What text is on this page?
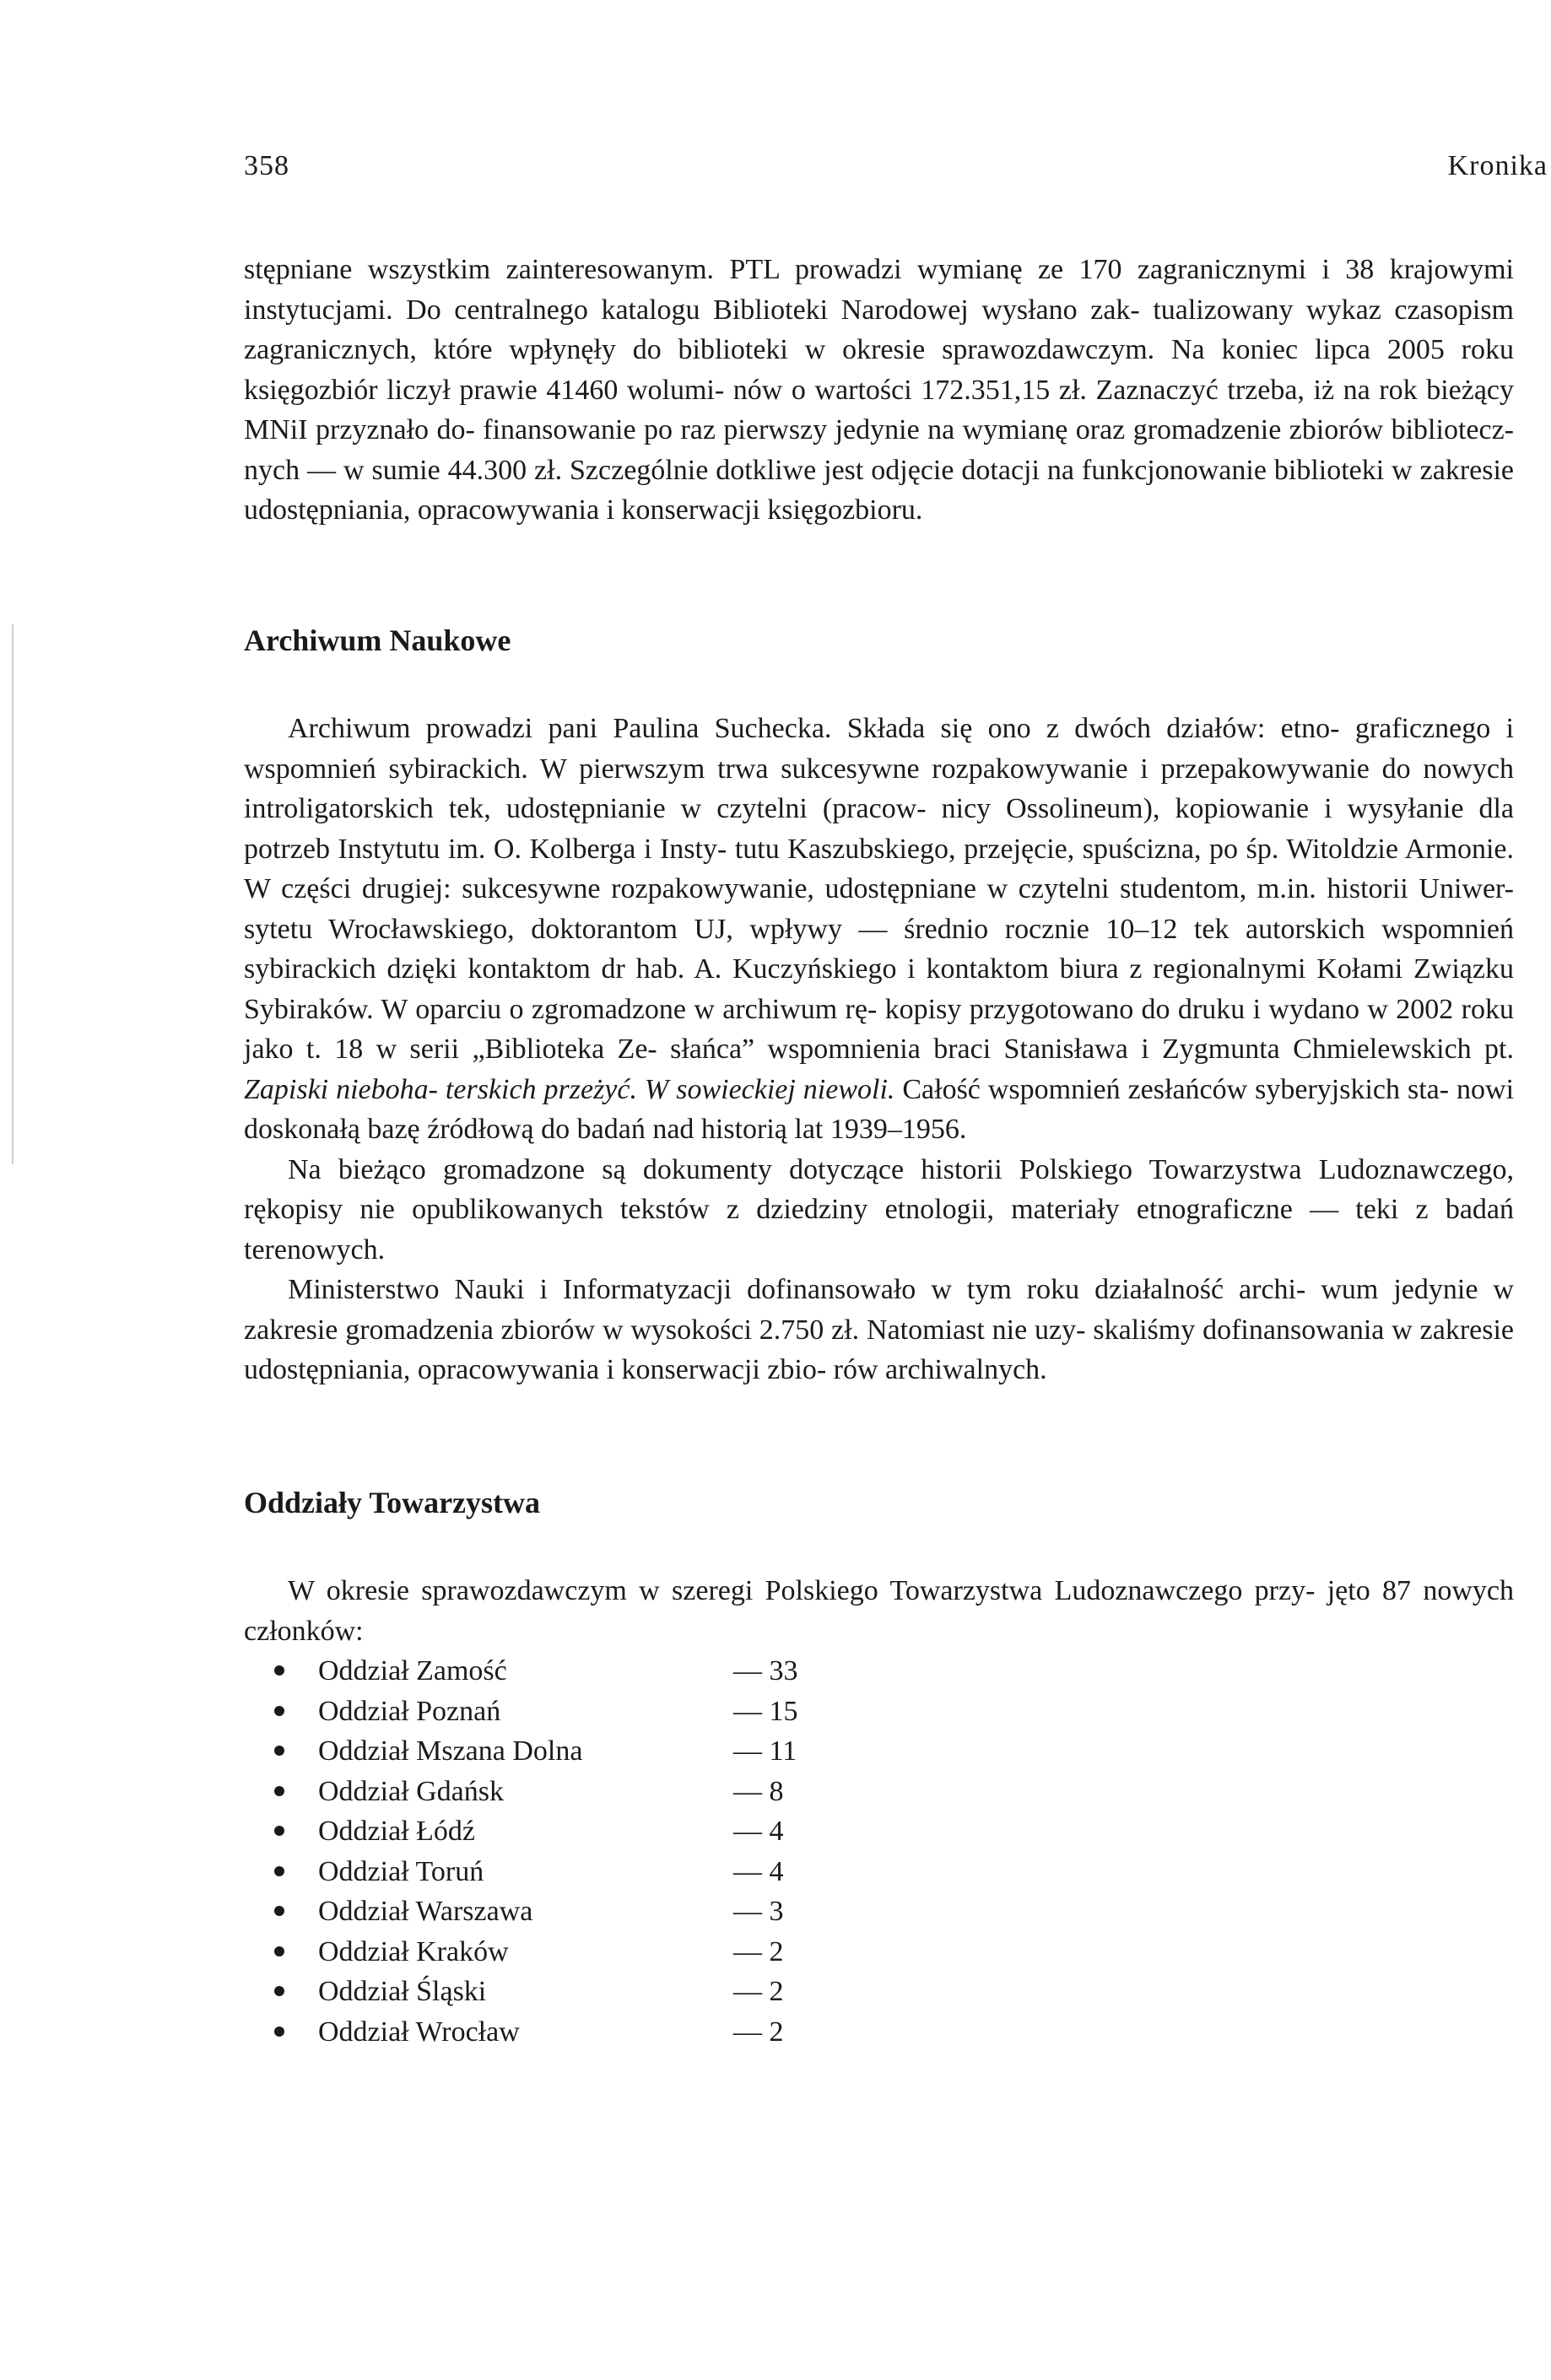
358	Kronika

stępniane wszystkim zainteresowanym. PTL prowadzi wymianę ze 170 zagranicznymi i 38 krajowymi instytucjami. Do centralnego katalogu Biblioteki Narodowej wysłano zak- tualizowany wykaz czasopism zagranicznych, które wpłynęły do biblioteki w okresie sprawozdawczym. Na koniec lipca 2005 roku księgozbiór liczył prawie 41460 wolumi- nów o wartości 172.351,15 zł. Zaznaczyć trzeba, iż na rok bieżący MNiI przyznało do- finansowanie po raz pierwszy jedynie na wymianę oraz gromadzenie zbiorów bibliotecz- nych — w sumie 44.300 zł. Szczególnie dotkliwe jest odjęcie dotacji na funkcjonowanie biblioteki w zakresie udostępniania, opracowywania i konserwacji księgozbioru.

Archiwum Naukowe

Archiwum prowadzi pani Paulina Suchecka. Składa się ono z dwóch działów: etno- graficznego i wspomnień sybirackich. W pierwszym trwa sukcesywne rozpakowywanie i przepakowywanie do nowych introligatorskich tek, udostępnianie w czytelni (pracow- nicy Ossolineum), kopiowanie i wysyłanie dla potrzeb Instytutu im. O. Kolberga i Insty- tutu Kaszubskiego, przejęcie, spuścizna, po śp. Witoldzie Armonie. W części drugiej: sukcesywne rozpakowywanie, udostępniane w czytelni studentom, m.in. historii Uniwer- sytetu Wrocławskiego, doktorantom UJ, wpływy — średnio rocznie 10–12 tek autorskich wspomnień sybirackich dzięki kontaktom dr hab. A. Kuczyńskiego i kontaktom biura z regionalnymi Kołami Związku Sybiraków. W oparciu o zgromadzone w archiwum rę- kopisy przygotowano do druku i wydano w 2002 roku jako t. 18 w serii „Biblioteka Ze- słańca” wspomnienia braci Stanisława i Zygmunta Chmielewskich pt. Zapiski nieboha- terskich przeżyć. W sowieckiej niewoli. Całość wspomnień zesłańców syberyjskich sta- nowi doskonałą bazę źródłową do badań nad historią lat 1939–1956.

Na bieżąco gromadzone są dokumenty dotyczące historii Polskiego Towarzystwa Ludoznawczego, rękopisy nie opublikowanych tekstów z dziedziny etnologii, materiały etnograficzne — teki z badań terenowych.

Ministerstwo Nauki i Informatyzacji dofinansowało w tym roku działalność archi- wum jedynie w zakresie gromadzenia zbiorów w wysokości 2.750 zł. Natomiast nie uzy- skaliśmy dofinansowania w zakresie udostępniania, opracowywania i konserwacji zbio- rów archiwalnych.

Oddziały Towarzystwa

W okresie sprawozdawczym w szeregi Polskiego Towarzystwa Ludoznawczego przy- jęto 87 nowych członków:

Oddział Zamość	— 33
Oddział Poznań	— 15
Oddział Mszana Dolna	— 11
Oddział Gdańsk	— 8
Oddział Łódź	— 4
Oddział Toruń	— 4
Oddział Warszawa	— 3
Oddział Kraków	— 2
Oddział Śląski	— 2
Oddział Wrocław	— 2
